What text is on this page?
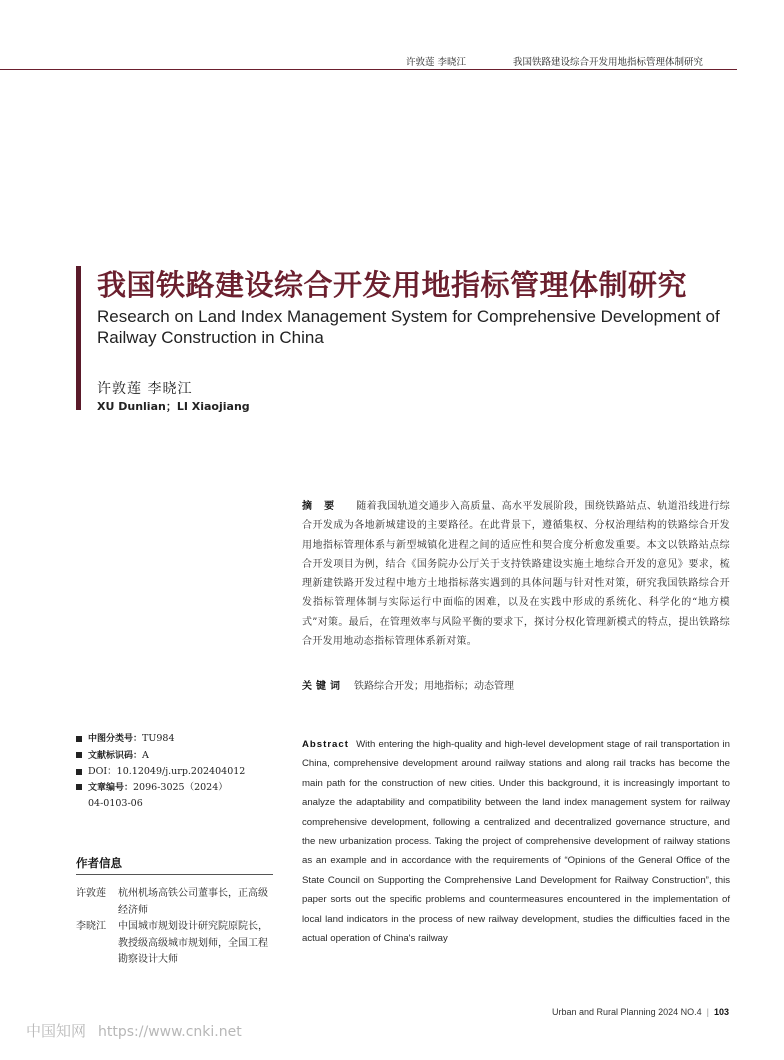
许敦莲 李晓江	我国铁路建设综合开发用地指标管理体制研究
我国铁路建设综合开发用地指标管理体制研究
Research on Land Index Management System for Comprehensive Development of Railway Construction in China
许敦莲 李晓江
XU Dunlian；LI Xiaojiang
摘要 随着我国轨道交通步入高质量、高水平发展阶段，围绕铁路站点、轨道沿线进行综合开发成为各地新城建设的主要路径。在此背景下，遵循集权、分权治理结构的铁路综合开发用地指标管理体系与新型城镇化进程之间的适应性和契合度分析愈发重要。本文以铁路站点综合开发项目为例，结合《国务院办公厅关于支持铁路建设实施土地综合开发的意见》要求，梳理新建铁路开发过程中地方土地指标落实遇到的具体问题与针对性对策，研究我国铁路综合开发指标管理体制与实际运行中面临的困难，以及在实践中形成的系统化、科学化的“地方模式”对策。最后，在管理效率与风险平衡的要求下，探讨分权化管理新模式的特点，提出铁路综合开发用地动态指标管理体系新对策。
关键词 铁路综合开发；用地指标；动态管理
中图分类号：TU984
文献标识码：A
DOI：10.12049/j.urp.202404012
文章编号：2096-3025（2024）
04-0103-06
作者信息
许敦莲	杭州机场高铁公司董事长，正高级经济师
李晓江	中国城市规划设计研究院原院长，教授级高级城市规划师，全国工程勘察设计大师
Abstract With entering the high-quality and high-level development stage of rail transportation in China, comprehensive development around railway stations and along rail tracks has become the main path for the construction of new cities. Under this background, it is increasingly important to analyze the adaptability and compatibility between the land index management system for railway comprehensive development, following a centralized and decentralized governance structure, and the new urbanization process. Taking the project of comprehensive development of railway stations as an example and in accordance with the requirements of “Opinions of the General Office of the State Council on Supporting the Comprehensive Land Development for Railway Construction”, this paper sorts out the specific problems and countermeasures encountered in the implementation of local land indicators in the process of new railway development, studies the difficulties faced in the actual operation of China's railway
Urban and Rural Planning 2024 NO.4 | 103
中国知网 https://www.cnki.net
